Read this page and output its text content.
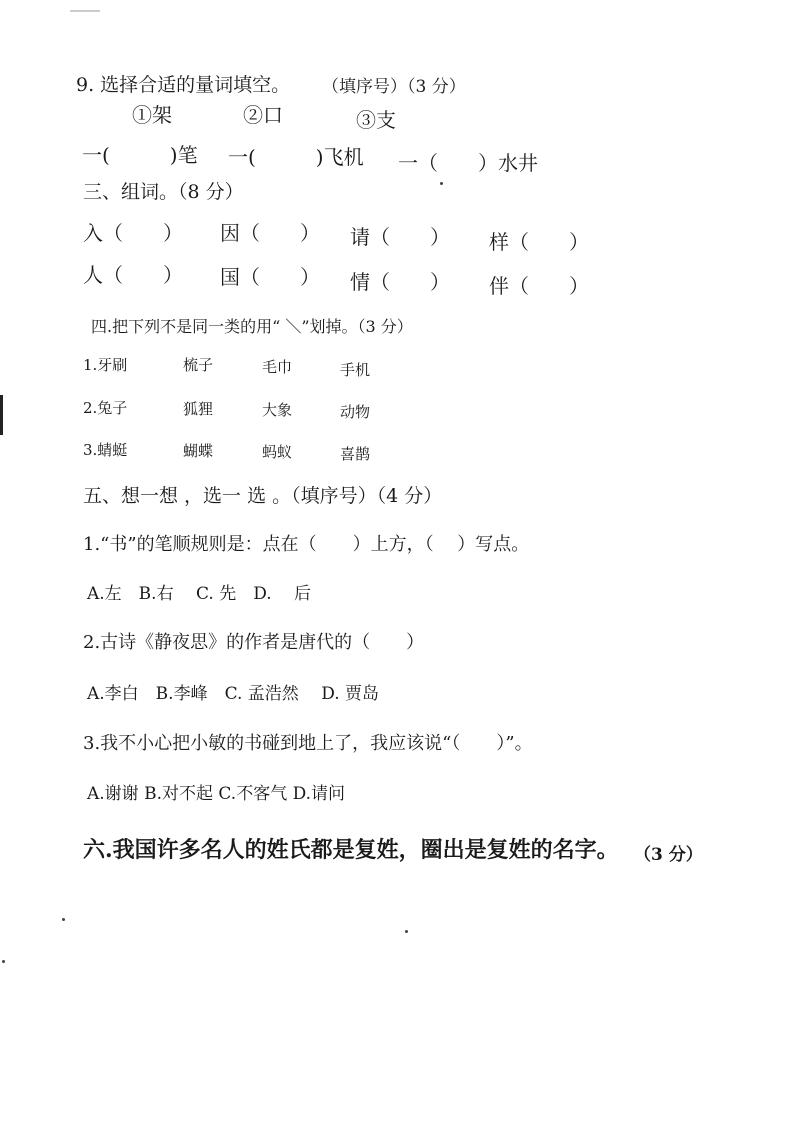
9. 选择合适的量词填空。 （填序号）（3 分）
①架	②口	③支
一(　　　)笔 一(　　　)飞机 一（　　）水井
三、组词。（8 分）
入（　　） 因（　　） 请（　　） 样（　　）
人（　　） 国（　　） 情（　　） 伴（　　）
四.把下列不是同一类的用“ ＼”划掉。（3 分）
1.牙刷	梳子	毛巾	手机
2.兔子	狐狸	大象	动物
3.蜻蜓	蝴蝶	蚂蚁	喜鹊
五、想一想 ，选一 选 。（填序号）（4 分）
1.“书”的笔顺规则是：点在（　　）上方，（　 ）写点。
A.左　B.右　 C. 先　D.　 后
2.古诗《静夜思》的作者是唐代的（　　）
A.李白　B.李峰　C. 孟浩然　 D. 贾岛
3.我不小心把小敏的书碰到地上了，我应该说“（　　）”。
A.谢谢 B.对不起 C.不客气 D.请问
六.我国许多名人的姓氏都是复姓，圈出是复姓的名字。 （3 分）
